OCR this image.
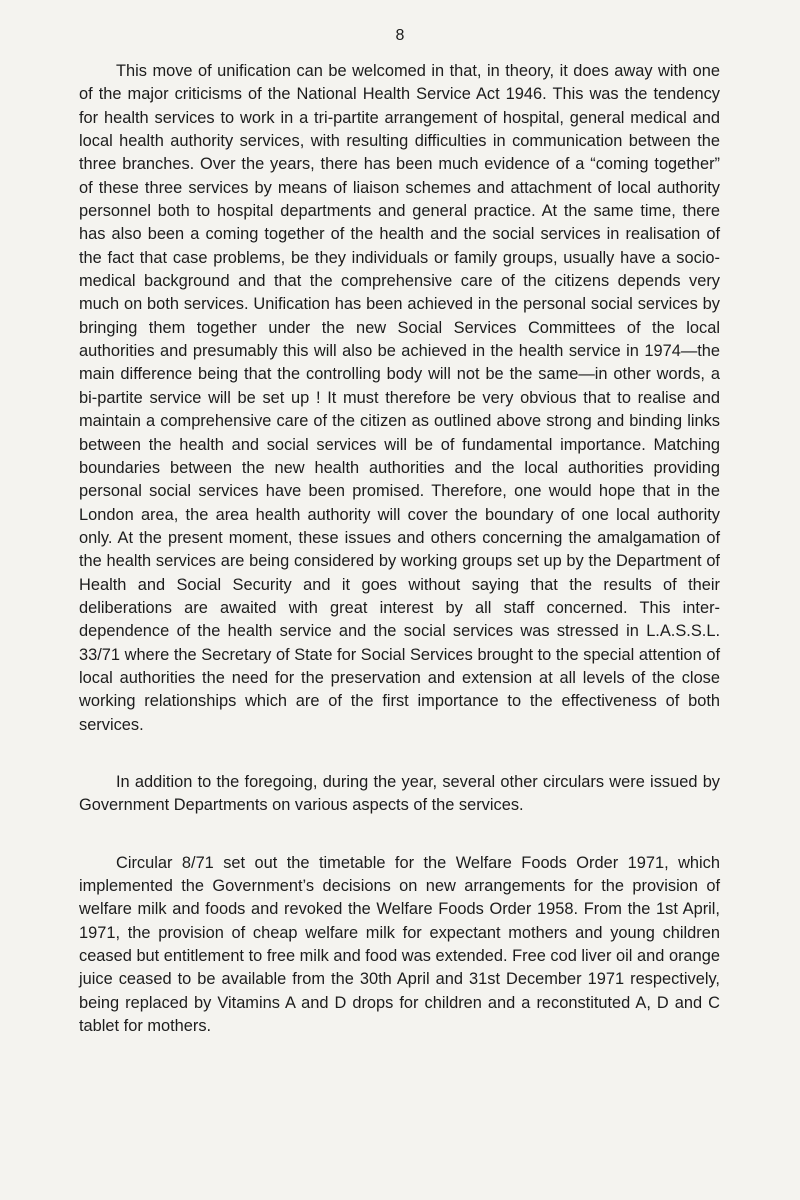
8

This move of unification can be welcomed in that, in theory, it does away with one of the major criticisms of the National Health Service Act 1946. This was the tendency for health services to work in a tri-partite arrangement of hospital, general medical and local health authority services, with resulting difficulties in communication between the three branches. Over the years, there has been much evidence of a “coming together” of these three services by means of liaison schemes and attachment of local authority personnel both to hospital departments and general practice. At the same time, there has also been a coming together of the health and the social services in realisation of the fact that case problems, be they individuals or family groups, usually have a socio-medical background and that the comprehensive care of the citizens depends very much on both services. Unification has been achieved in the personal social services by bringing them together under the new Social Services Committees of the local authorities and presumably this will also be achieved in the health service in 1974—the main difference being that the controlling body will not be the same—in other words, a bi-partite service will be set up ! It must therefore be very obvious that to realise and maintain a comprehensive care of the citizen as outlined above strong and binding links between the health and social services will be of fundamental importance. Matching boundaries between the new health authorities and the local authorities providing personal social services have been promised. Therefore, one would hope that in the London area, the area health authority will cover the boundary of one local authority only. At the present moment, these issues and others concerning the amalgamation of the health services are being considered by working groups set up by the Department of Health and Social Security and it goes without saying that the results of their deliberations are awaited with great interest by all staff concerned. This inter-dependence of the health service and the social services was stressed in L.A.S.S.L. 33/71 where the Secretary of State for Social Services brought to the special attention of local authorities the need for the preservation and extension at all levels of the close working relationships which are of the first importance to the effectiveness of both services.

In addition to the foregoing, during the year, several other circulars were issued by Government Departments on various aspects of the services.

Circular 8/71 set out the timetable for the Welfare Foods Order 1971, which implemented the Government’s decisions on new arrangements for the provision of welfare milk and foods and revoked the Welfare Foods Order 1958. From the 1st April, 1971, the provision of cheap welfare milk for expectant mothers and young children ceased but entitlement to free milk and food was extended. Free cod liver oil and orange juice ceased to be available from the 30th April and 31st December 1971 respectively, being replaced by Vitamins A and D drops for children and a reconstituted A, D and C tablet for mothers.
